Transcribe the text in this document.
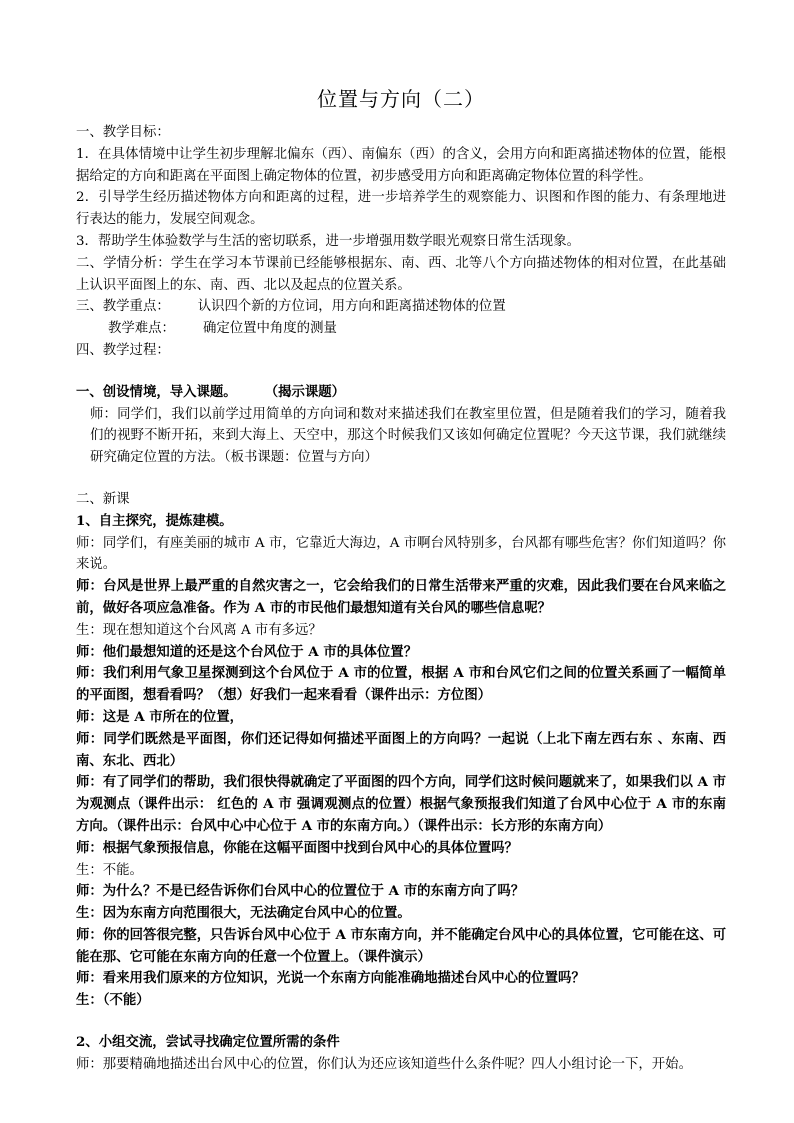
位置与方向（二）

一、教学目标：

1．在具体情境中让学生初步理解北偏东（西）、南偏东（西）的含义，会用方向和距离描述物体的位置，能根据给定的方向和距离在平面图上确定物体的位置，初步感受用方向和距离确定物体位置的科学性。

2．引导学生经历描述物体方向和距离的过程，进一步培养学生的观察能力、识图和作图的能力、有条理地进行表达的能力，发展空间观念。

3．帮助学生体验数学与生活的密切联系，进一步增强用数学眼光观察日常生活现象。

二、学情分析：学生在学习本节课前已经能够根据东、南、西、北等八个方向描述物体的相对位置，在此基础上认识平面图上的东、南、西、北以及起点的位置关系。

三、教学重点： 认识四个新的方位词，用方向和距离描述物体的位置

教学难点： 确定位置中角度的测量

四、教学过程：

一、创设情境，导入课题。 （揭示课题）

师：同学们，我们以前学过用简单的方向词和数对来描述我们在教室里位置，但是随着我们的学习，随着我们的视野不断开拓，来到大海上、天空中，那这个时候我们又该如何确定位置呢？今天这节课，我们就继续研究确定位置的方法。（板书课题：位置与方向）

二、新课

1、自主探究，提炼建模。

师：同学们，有座美丽的城市 A 市，它靠近大海边，A 市啊台风特别多，台风都有哪些危害？你们知道吗？你来说。

师：台风是世界上最严重的自然灾害之一，它会给我们的日常生活带来严重的灾难，因此我们要在台风来临之前，做好各项应急准备。作为 A 市的市民他们最想知道有关台风的哪些信息呢？

生：现在想知道这个台风离 A 市有多远？

师：他们最想知道的还是这个台风位于 A 市的具体位置？

师：我们利用气象卫星探测到这个台风位于 A 市的位置，根据 A 市和台风它们之间的位置关系画了一幅简单的平面图，想看看吗？（想）好我们一起来看看（课件出示：方位图）

师：这是 A 市所在的位置，

师：同学们既然是平面图，你们还记得如何描述平面图上的方向吗？一起说（上北下南左西右东 、东南、西南、东北、西北）

师：有了同学们的帮助，我们很快得就确定了平面图的四个方向，同学们这时候问题就来了，如果我们以 A 市为观测点（课件出示： 红色的 A 市 强调观测点的位置）根据气象预报我们知道了台风中心位于 A 市的东南方向。（课件出示：台风中心中心位于 A 市的东南方向。）（课件出示：长方形的东南方向）

师：根据气象预报信息，你能在这幅平面图中找到台风中心的具体位置吗？

生：不能。

师：为什么？不是已经告诉你们台风中心的位置位于 A 市的东南方向了吗？

生：因为东南方向范围很大，无法确定台风中心的位置。

师：你的回答很完整，只告诉台风中心位于 A 市东南方向，并不能确定台风中心的具体位置，它可能在这、可能在那、它可能在东南方向的任意一个位置上。（课件演示）

师：看来用我们原来的方位知识，光说一个东南方向能准确地描述台风中心的位置吗？

生：（不能）

2、小组交流，尝试寻找确定位置所需的条件

师：那要精确地描述出台风中心的位置，你们认为还应该知道些什么条件呢？四人小组讨论一下，开始。
